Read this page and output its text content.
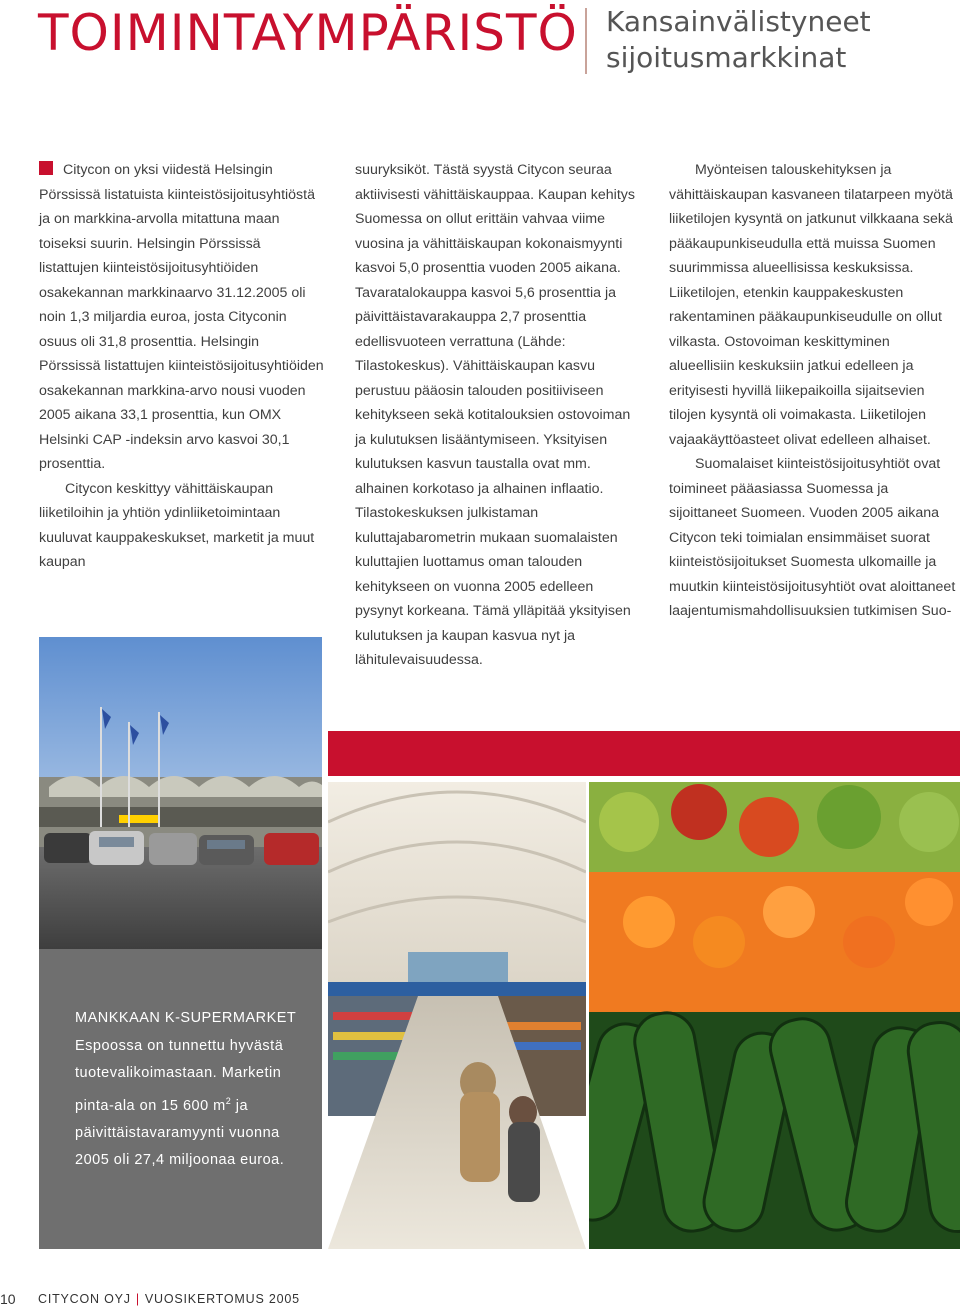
TOIMINTAYMPÄRISTÖ Kansainvälistyneet
sijoitusmarkkinat

Citycon on yksi viidestä Helsingin Pörssissä listatuista kiinteistösijoitusyhtiöstä ja on markkina-arvolla mitattuna maan toiseksi suurin. Helsingin Pörssissä listattujen kiinteistösijoitusyhtiöiden osakekannan markkinaarvo 31.12.2005 oli noin 1,3 miljardia euroa, josta Cityconin osuus oli 31,8 prosenttia. Helsingin Pörssissä listattujen kiinteistösijoitusyhtiöiden osakekannan markkina-arvo nousi vuoden 2005 aikana 33,1 prosenttia, kun OMX Helsinki CAP -indeksin arvo kasvoi 30,1 prosenttia.

Citycon keskittyy vähittäiskaupan liiketiloihin ja yhtiön ydinliiketoimintaan kuuluvat kauppakeskukset, marketit ja muut kaupan

suuryksiköt. Tästä syystä Citycon seuraa aktiivisesti vähittäiskauppaa. Kaupan kehitys Suomessa on ollut erittäin vahvaa viime vuosina ja vähittäiskaupan kokonaismyynti kasvoi 5,0 prosenttia vuoden 2005 aikana. Tavaratalokauppa kasvoi 5,6 prosenttia ja päivittäistavarakauppa 2,7 prosenttia edellisvuoteen verrattuna (Lähde: Tilastokeskus). Vähittäiskaupan kasvu perustuu pääosin talouden positiiviseen kehitykseen sekä kotitalouksien ostovoiman ja kulutuksen lisääntymiseen. Yksityisen kulutuksen kasvun taustalla ovat mm. alhainen korkotaso ja alhainen inflaatio. Tilastokeskuksen julkistaman kuluttajabarometrin mukaan suomalaisten kuluttajien luottamus oman talouden kehitykseen on vuonna 2005 edelleen pysynyt korkeana. Tämä ylläpitää yksityisen kulutuksen ja kaupan kasvua nyt ja lähitulevaisuudessa.

Myönteisen talouskehityksen ja vähittäiskaupan kasvaneen tilatarpeen myötä liiketilojen kysyntä on jatkunut vilkkaana sekä pääkaupunkiseudulla että muissa Suomen suurimmissa alueellisissa keskuksissa. Liiketilojen, etenkin kauppakeskusten rakentaminen pääkaupunkiseudulle on ollut vilkasta. Ostovoiman keskittyminen alueellisiin keskuksiin jatkui edelleen ja erityisesti hyvillä liikepaikoilla sijaitsevien tilojen kysyntä oli voimakasta. Liiketilojen vajaakäyttöasteet olivat edelleen alhaiset.

Suomalaiset kiinteistösijoitusyhtiöt ovat toimineet pääasiassa Suomessa ja sijoittaneet Suomeen. Vuoden 2005 aikana Citycon teki toimialan ensimmäiset suorat kiinteistösijoitukset Suomesta ulkomaille ja muutkin kiinteistösijoitusyhtiöt ovat aloittaneet laajentumismahdollisuuksien tutkimisen Suo-

MANKKAAN K-SUPERMARKET
Espoossa on tunnettu hyvästä tuotevalikoimastaan. Marketin pinta-ala on 15 600 $m^2$ ja päivittäistavaramyynti vuonna 2005 oli 27,4 miljoonaa euroa.
10 CITYCON OYJ | VUOSIKERTOMUS 2005
